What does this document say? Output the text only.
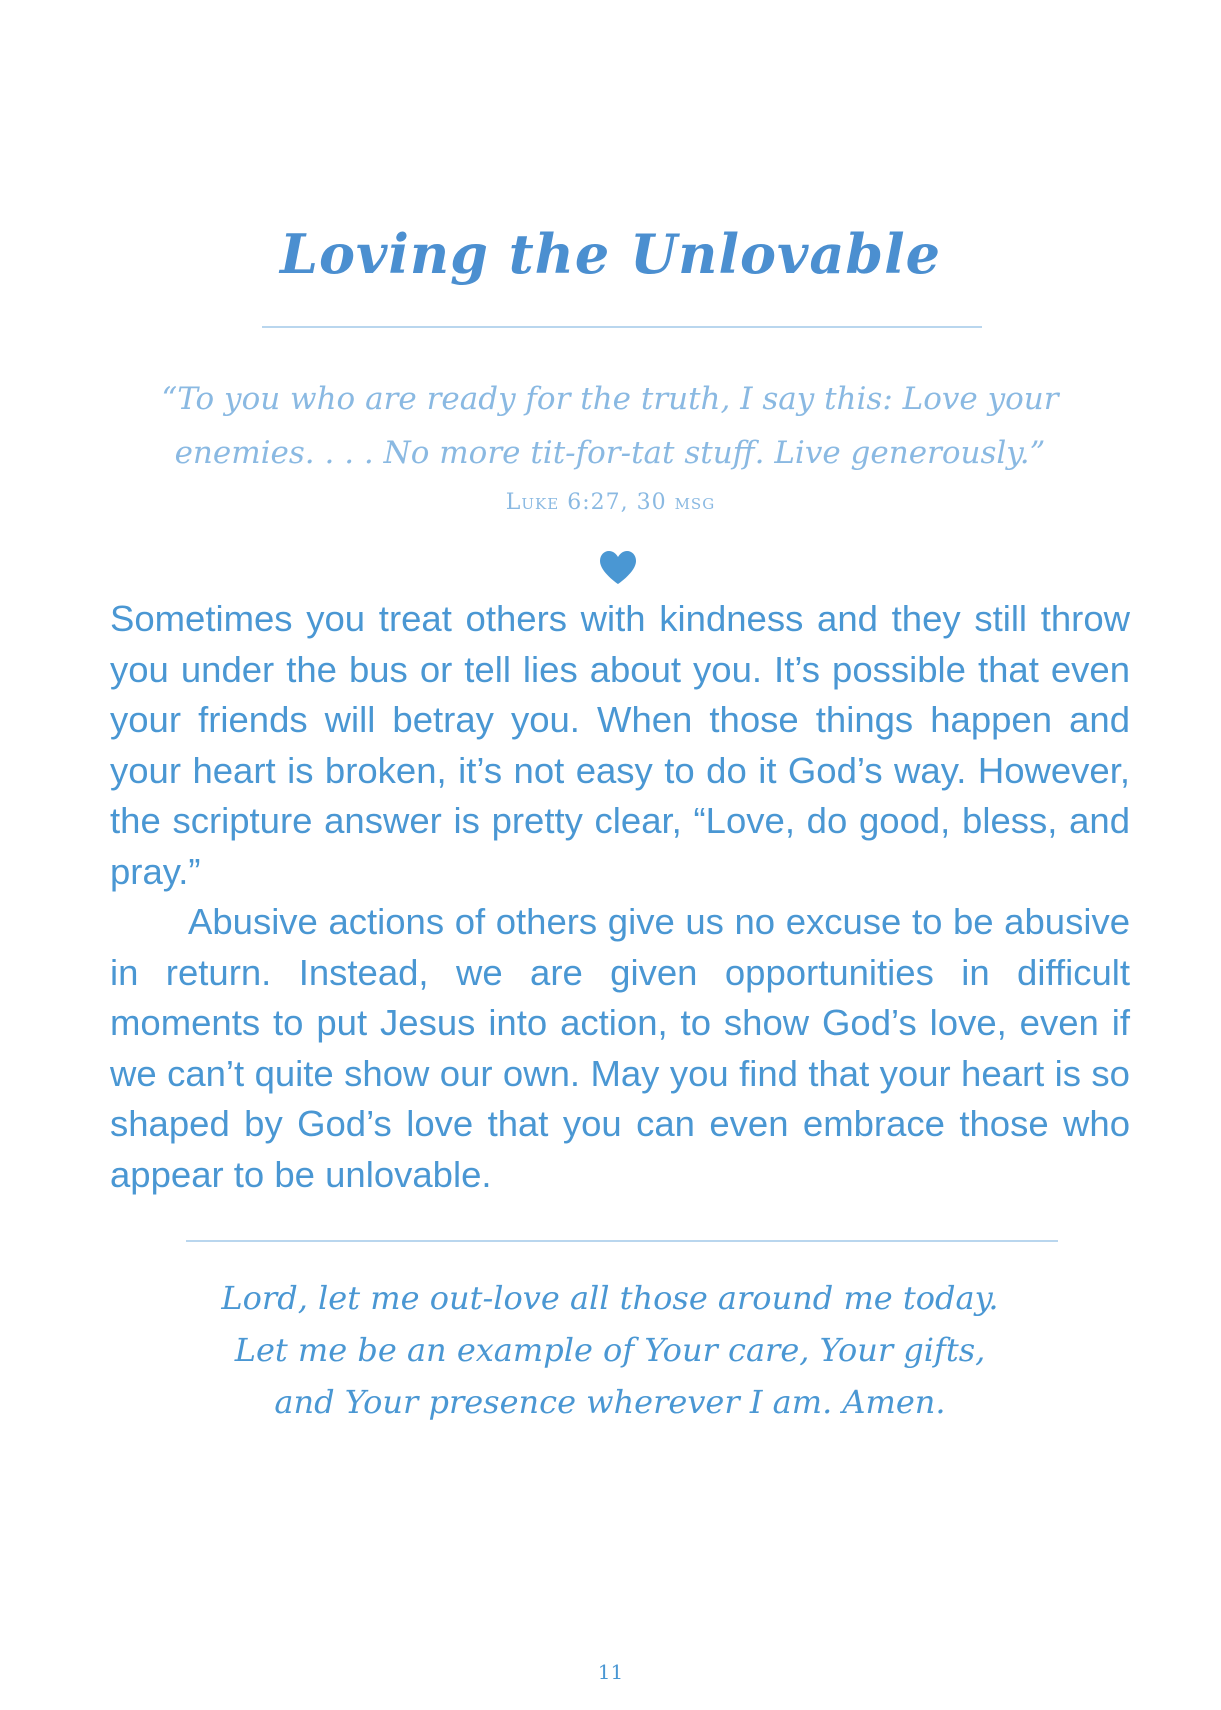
Loving the Unlovable

“To you who are ready for the truth, I say this: Love your

enemies. . . . No more tit-for-tat stuff. Live generously.”

Luke 6:27, 30 msg

Sometimes you treat others with kindness and they still throw you under the bus or tell lies about you. It’s possible that even your friends will betray you. When those things happen and your heart is broken, it’s not easy to do it God’s way. However, the scripture answer is pretty clear, “Love, do good, bless, and pray.”

Abusive actions of others give us no excuse to be abusive in return. Instead, we are given opportunities in difficult moments to put Jesus into action, to show God’s love, even if we can’t quite show our own. May you find that your heart is so shaped by God’s love that you can even embrace those who appear to be unlovable.

Lord, let me out-love all those around me today.

Let me be an example of Your care, Your gifts,

and Your presence wherever I am. Amen.

11
